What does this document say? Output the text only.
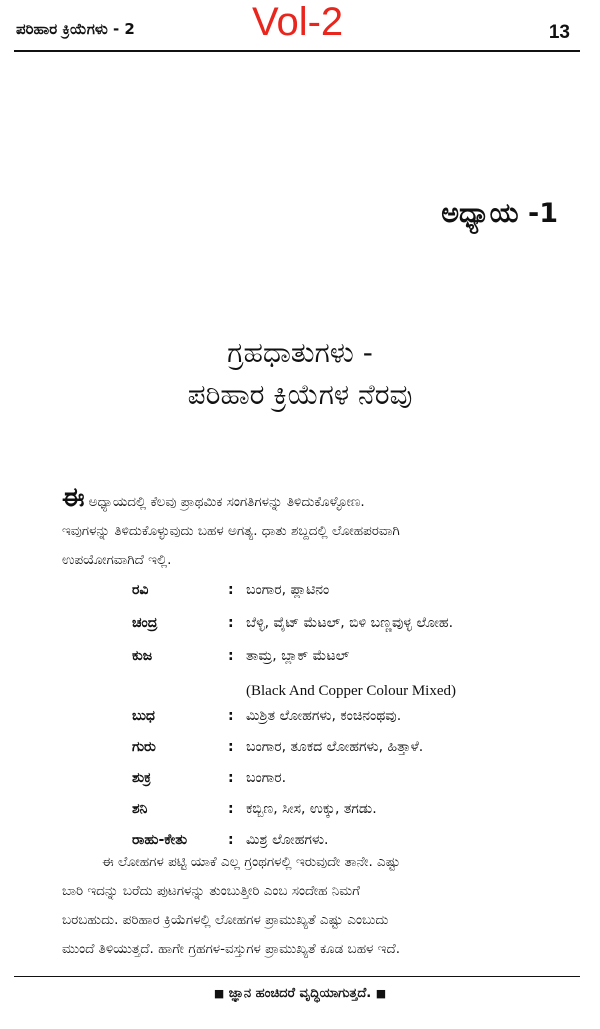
ಪರಿಹಾರ ಕ್ರಿಯೆಗಳು - 2	Vol-2	13
ಅಧ್ಯಾಯ -1
ಗ್ರಹಧಾತುಗಳು -
ಪರಿಹಾರ ಕ್ರಿಯೆಗಳ ನೆರವು
ಈಅಧ್ಯಾಯದಲ್ಲಿ ಕೆಲವು ಪ್ರಾಥಮಿಕ ಸಂಗತಿಗಳನ್ನು ತಿಳಿದುಕೊಳ್ಳೋಣ.
ಇವುಗಳನ್ನು ತಿಳಿದುಕೊಳ್ಳುವುದು ಬಹಳ ಅಗತ್ಯ. ಧಾತು ಶಬ್ದದಲ್ಲಿ ಲೋಹಪರವಾಗಿ
ಉಪಯೋಗವಾಗಿದೆ ಇಲ್ಲಿ.
ರವಿ	: ಬಂಗಾರ, ಪ್ಲಾಟಿನಂ
ಚಂದ್ರ	: ಬೆಳ್ಳಿ, ವೈಟ್ ಮೆಟಲ್, ಬಿಳಿ ಬಣ್ಣವುಳ್ಳ ಲೋಹ.
ಕುಜ	: ತಾಮ್ರ, ಬ್ಲಾಕ್ ಮೆಟಲ್
(Black And Copper Colour Mixed)
ಬುಧ	: ಮಿಶ್ರಿತ ಲೋಹಗಳು, ಕಂಚಿನಂಥವು.
ಗುರು	: ಬಂಗಾರ, ತೂಕದ ಲೋಹಗಳು, ಹಿತ್ತಾಳೆ.
ಶುಕ್ರ	: ಬಂಗಾರ.
ಶನಿ	: ಕಬ್ಬಿಣ, ಸೀಸ, ಉಕ್ಕು, ತಗಡು.
ರಾಹು-ಕೇತು	: ಮಿಶ್ರ ಲೋಹಗಳು.
ಈ ಲೋಹಗಳ ಪಟ್ಟಿ ಯಾಕೆ ಎಲ್ಲ ಗ್ರಂಥಗಳಲ್ಲಿ ಇರುವುದೇ ತಾನೇ. ಎಷ್ಟು
ಬಾರಿ ಇದನ್ನು ಬರೆದು ಪುಟಗಳನ್ನು ತುಂಬುತ್ತೀರಿ ಎಂಬ ಸಂದೇಹ ನಿಮಗೆ
ಬರಬಹುದು. ಪರಿಹಾರ ಕ್ರಿಯೆಗಳಲ್ಲಿ ಲೋಹಗಳ ಪ್ರಾಮುಖ್ಯತೆ ಎಷ್ಟು ಎಂಬುದು
ಮುಂದೆ ತಿಳಿಯುತ್ತದೆ. ಹಾಗೇ ಗ್ರಹಗಳ-ವಸ್ತುಗಳ ಪ್ರಾಮುಖ್ಯತೆ ಕೂಡ ಬಹಳ ಇದೆ.
■ ಜ್ಞಾನ ಹಂಚಿದರೆ ವೃದ್ಧಿಯಾಗುತ್ತದೆ. ■
